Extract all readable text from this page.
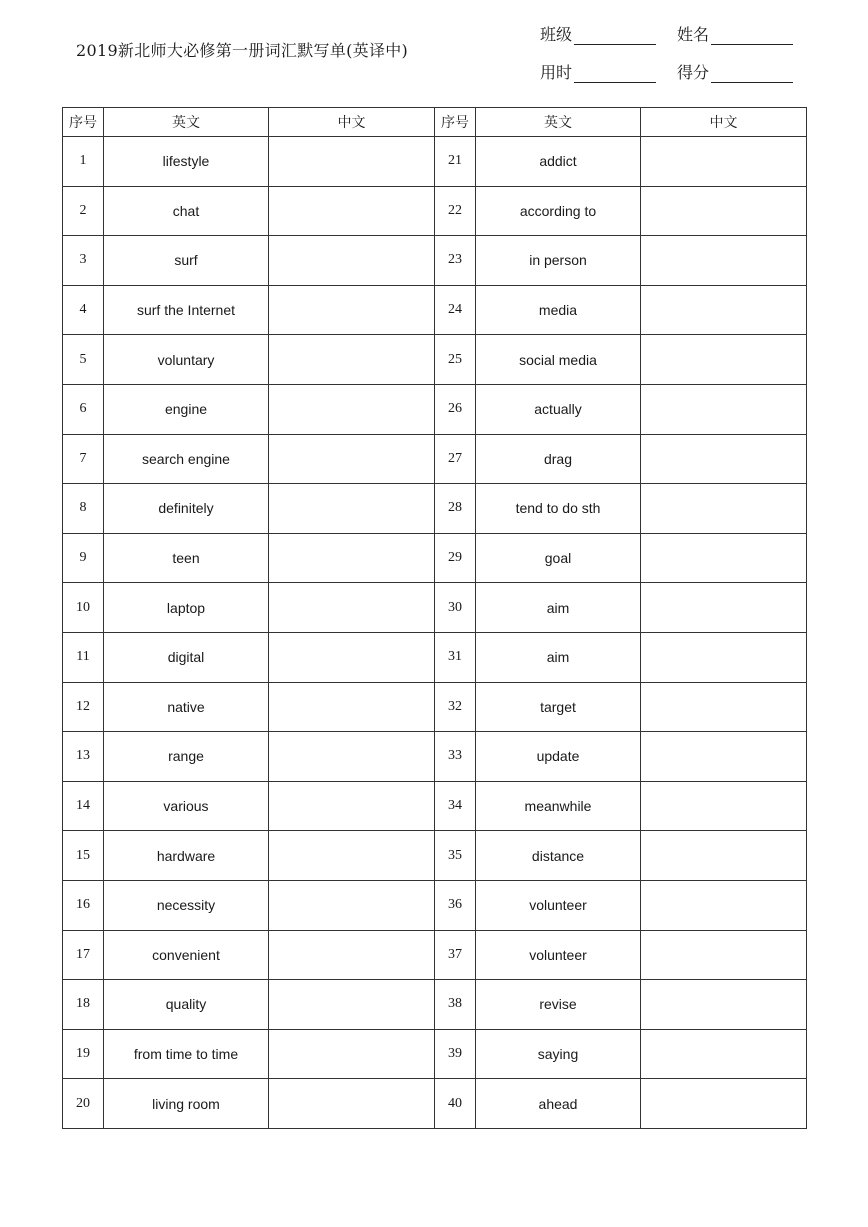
2019新北师大必修第一册词汇默写单(英译中)
班级	姓名
用时	得分
序号	英文	中文	序号	英文	中文
1	lifestyle		21	addict	
2	chat		22	according to	
3	surf		23	in person	
4	surf the Internet		24	media	
5	voluntary		25	social media	
6	engine		26	actually	
7	search engine		27	drag	
8	definitely		28	tend to do sth	
9	teen		29	goal	
10	laptop		30	aim	
11	digital		31	aim	
12	native		32	target	
13	range		33	update	
14	various		34	meanwhile	
15	hardware		35	distance	
16	necessity		36	volunteer	
17	convenient		37	volunteer	
18	quality		38	revise	
19	from time to time		39	saying	
20	living room		40	ahead	
